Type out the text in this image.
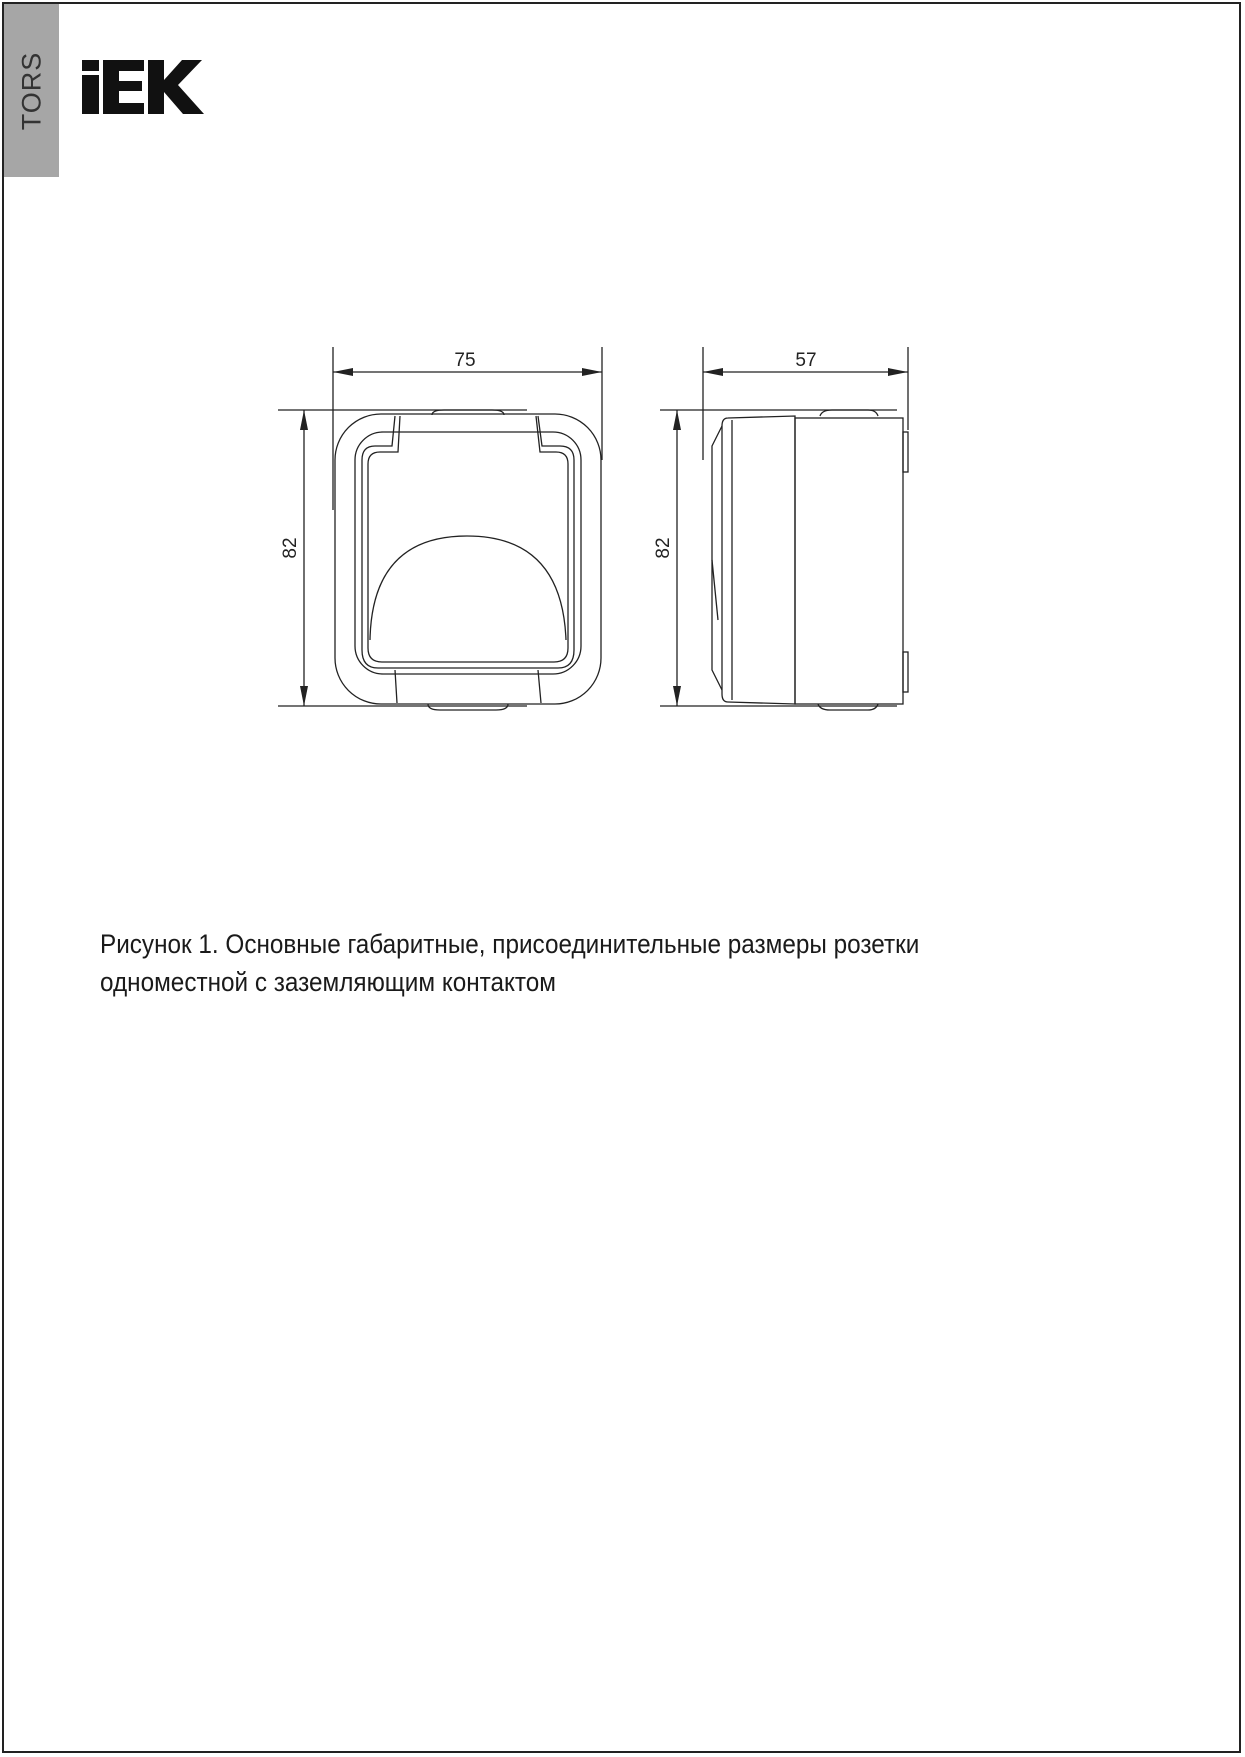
TORS
75
82
57
82

Рисунок 1. Основные габаритные, присоединительные размеры розетки

одноместной с заземляющим контактом
